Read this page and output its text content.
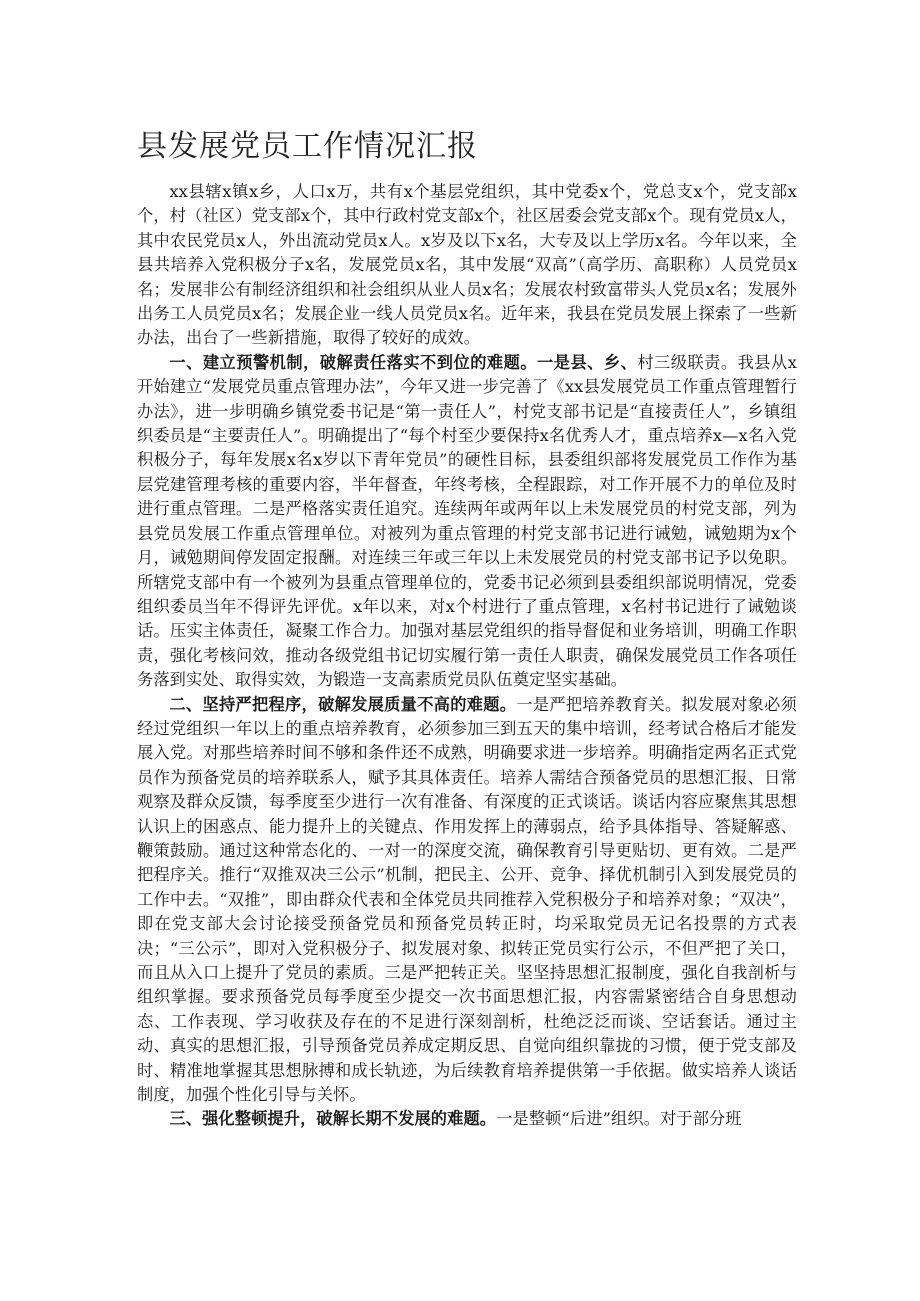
县发展党员工作情况汇报

xx县辖x镇x乡，人口x万，共有x个基层党组织，其中党委x个，党总支x个，党支部x个，村（社区）党支部x个，其中行政村党支部x个，社区居委会党支部x个。现有党员x人，其中农民党员x人，外出流动党员x人。x岁及以下x名，大专及以上学历x名。今年以来，全县共培养入党积极分子x名，发展党员x名，其中发展“双高”（高学历、高职称）人员党员x名；发展非公有制经济组织和社会组织从业人员x名；发展农村致富带头人党员x名；发展外出务工人员党员x名；发展企业一线人员党员x名。近年来，我县在党员发展上探索了一些新办法，出台了一些新措施，取得了较好的成效。

一、建立预警机制，破解责任落实不到位的难题。一是县、乡、村三级联责。我县从x开始建立“发展党员重点管理办法”，今年又进一步完善了《xx县发展党员工作重点管理暂行办法》，进一步明确乡镇党委书记是“第一责任人”，村党支部书记是“直接责任人”，乡镇组织委员是“主要责任人”。明确提出了“每个村至少要保持x名优秀人才，重点培养x—x名入党积极分子，每年发展x名x岁以下青年党员”的硬性目标，县委组织部将发展党员工作作为基层党建管理考核的重要内容，半年督查，年终考核，全程跟踪，对工作开展不力的单位及时进行重点管理。二是严格落实责任追究。连续两年或两年以上未发展党员的村党支部，列为县党员发展工作重点管理单位。对被列为重点管理的村党支部书记进行诫勉，诫勉期为x个月，诫勉期间停发固定报酬。对连续三年或三年以上未发展党员的村党支部书记予以免职。所辖党支部中有一个被列为县重点管理单位的，党委书记必须到县委组织部说明情况，党委组织委员当年不得评先评优。x年以来，对x个村进行了重点管理，x名村书记进行了诫勉谈话。压实主体责任，凝聚工作合力。加强对基层党组织的指导督促和业务培训，明确工作职责，强化考核问效，推动各级党组书记切实履行第一责任人职责，确保发展党员工作各项任务落到实处、取得实效，为锻造一支高素质党员队伍奠定坚实基础。

二、坚持严把程序，破解发展质量不高的难题。一是严把培养教育关。拟发展对象必须经过党组织一年以上的重点培养教育，必须参加三到五天的集中培训，经考试合格后才能发展入党。对那些培养时间不够和条件还不成熟，明确要求进一步培养。明确指定两名正式党员作为预备党员的培养联系人，赋予其具体责任。培养人需结合预备党员的思想汇报、日常观察及群众反馈，每季度至少进行一次有准备、有深度的正式谈话。谈话内容应聚焦其思想认识上的困惑点、能力提升上的关键点、作用发挥上的薄弱点，给予具体指导、答疑解惑、鞭策鼓励。通过这种常态化的、一对一的深度交流，确保教育引导更贴切、更有效。二是严把程序关。推行“双推双决三公示”机制，把民主、公开、竞争、择优机制引入到发展党员的工作中去。“双推”，即由群众代表和全体党员共同推荐入党积极分子和培养对象；“双决”，即在党支部大会讨论接受预备党员和预备党员转正时，均采取党员无记名投票的方式表决；“三公示”，即对入党积极分子、拟发展对象、拟转正党员实行公示，不但严把了关口，而且从入口上提升了党员的素质。三是严把转正关。坚坚持思想汇报制度，强化自我剖析与组织掌握。要求预备党员每季度至少提交一次书面思想汇报，内容需紧密结合自身思想动态、工作表现、学习收获及存在的不足进行深刻剖析，杜绝泛泛而谈、空话套话。通过主动、真实的思想汇报，引导预备党员养成定期反思、自觉向组织靠拢的习惯，便于党支部及时、精准地掌握其思想脉搏和成长轨迹，为后续教育培养提供第一手依据。做实培养人谈话制度，加强个性化引导与关怀。

三、强化整顿提升，破解长期不发展的难题。一是整顿“后进”组织。对于部分班
